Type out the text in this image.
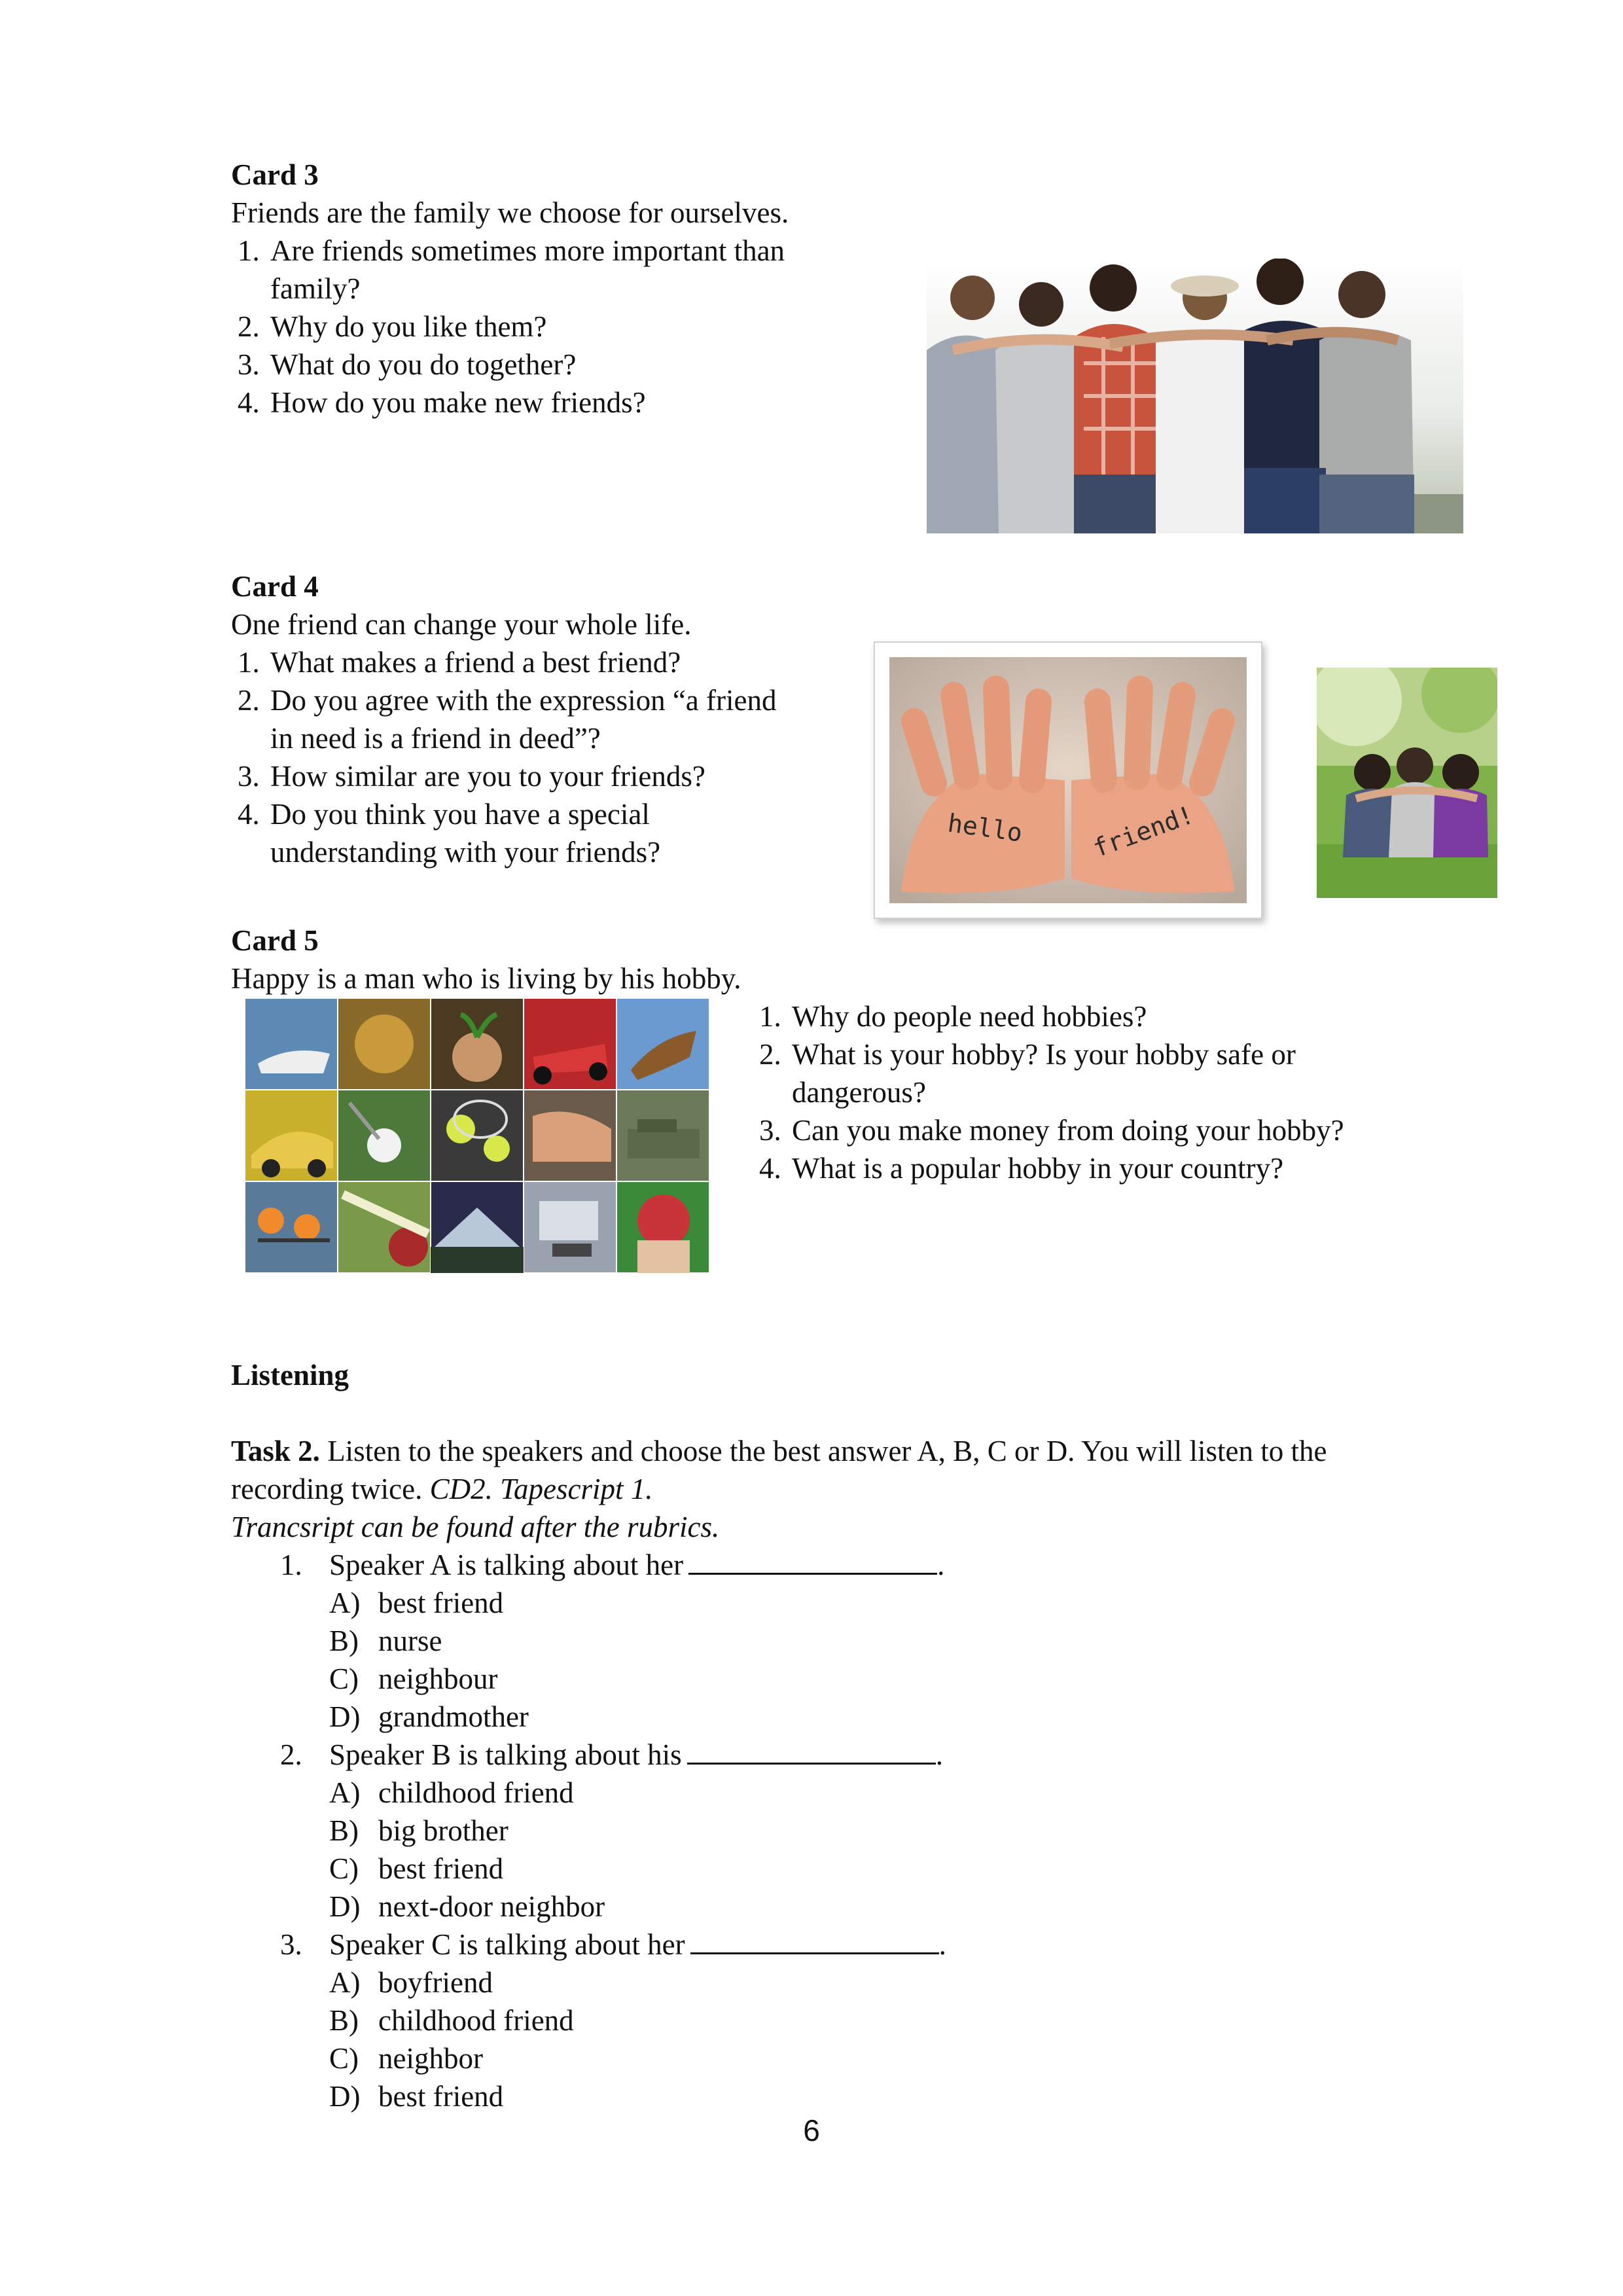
Card 3
Friends are the family we choose for ourselves.
1. Are friends sometimes more important than
family?
2. Why do you like them?
3. What do you do together?
4. How do you make new friends?
Card 4
One friend can change your whole life.
1. What makes a friend a best friend?
2. Do you agree with the expression “a friend
in need is a friend in deed”?
3. How similar are you to your friends?
4. Do you think you have a special
understanding with your friends?
hello	friend!
Card 5
Happy is a man who is living by his hobby.
1. Why do people need hobbies?
2. What is your hobby? Is your hobby safe or
dangerous?
3. Can you make money from doing your hobby?
4. What is a popular hobby in your country?
Listening
Task 2. Listen to the speakers and choose the best answer A, B, C or D. You will listen to the
recording twice. CD2. Tapescript 1.
Trancsript can be found after the rubrics.
1. Speaker A is talking about her	.
A) best friend
B) nurse
C) neighbour
D) grandmother
2. Speaker B is talking about his	.
A) childhood friend
B) big brother
C) best friend
D) next-door neighbor
3. Speaker C is talking about her	.
A) boyfriend
B) childhood friend
C) neighbor
D) best friend
6
